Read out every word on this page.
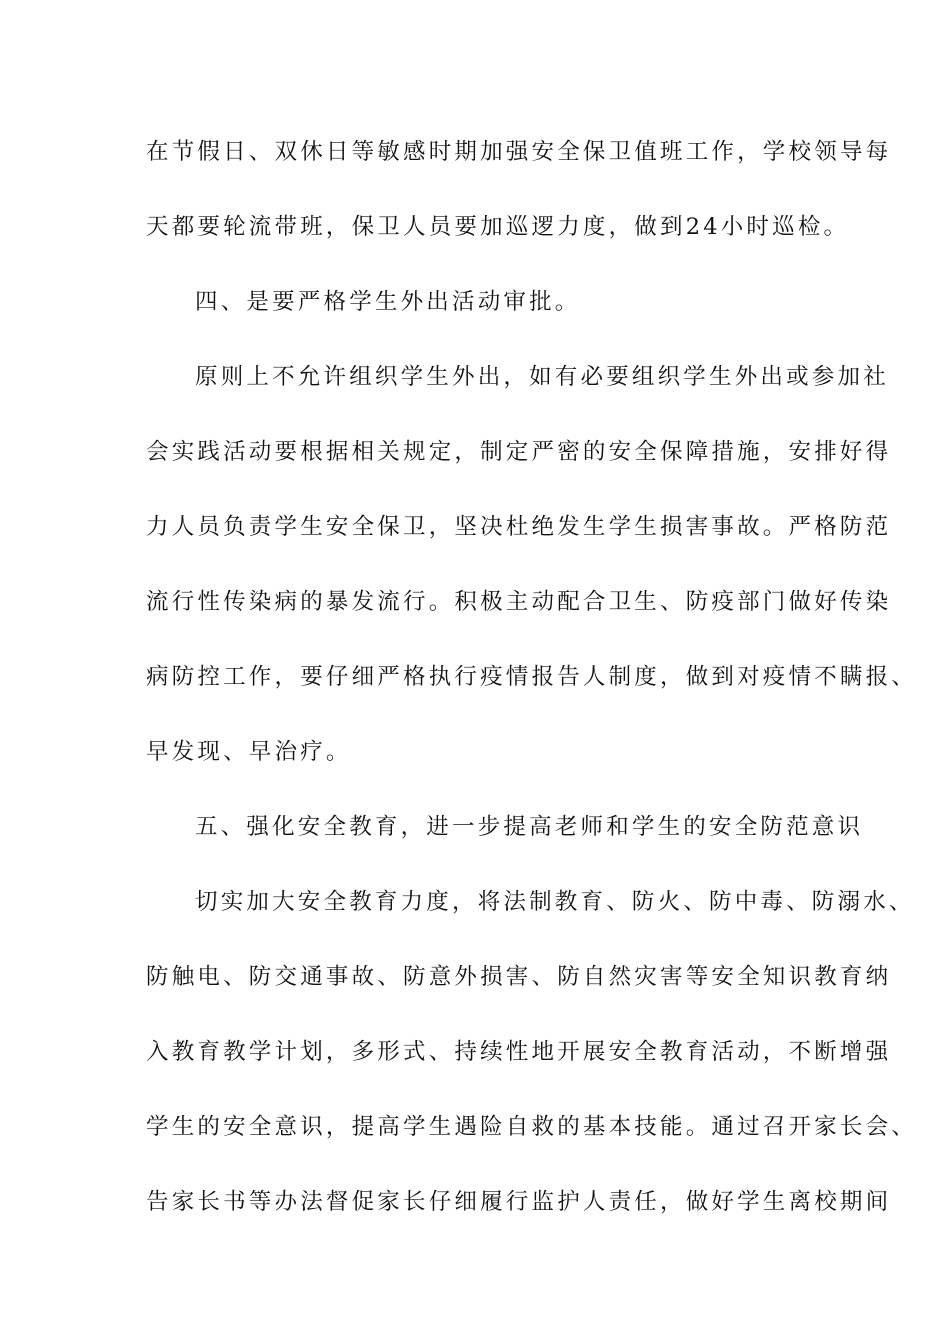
在节假日、双休日等敏感时期加强安全保卫值班工作，学校领导每
天都要轮流带班，保卫人员要加巡逻力度，做到24小时巡检。
四、是要严格学生外出活动审批。
原则上不允许组织学生外出，如有必要组织学生外出或参加社
会实践活动要根据相关规定，制定严密的安全保障措施，安排好得
力人员负责学生安全保卫，坚决杜绝发生学生损害事故。严格防范
流行性传染病的暴发流行。积极主动配合卫生、防疫部门做好传染
病防控工作，要仔细严格执行疫情报告人制度，做到对疫情不瞒报、
早发现、早治疗。
五、强化安全教育，进一步提高老师和学生的安全防范意识
切实加大安全教育力度，将法制教育、防火、防中毒、防溺水、
防触电、防交通事故、防意外损害、防自然灾害等安全知识教育纳
入教育教学计划，多形式、持续性地开展安全教育活动，不断增强
学生的安全意识，提高学生遇险自救的基本技能。通过召开家长会、
告家长书等办法督促家长仔细履行监护人责任，做好学生离校期间
